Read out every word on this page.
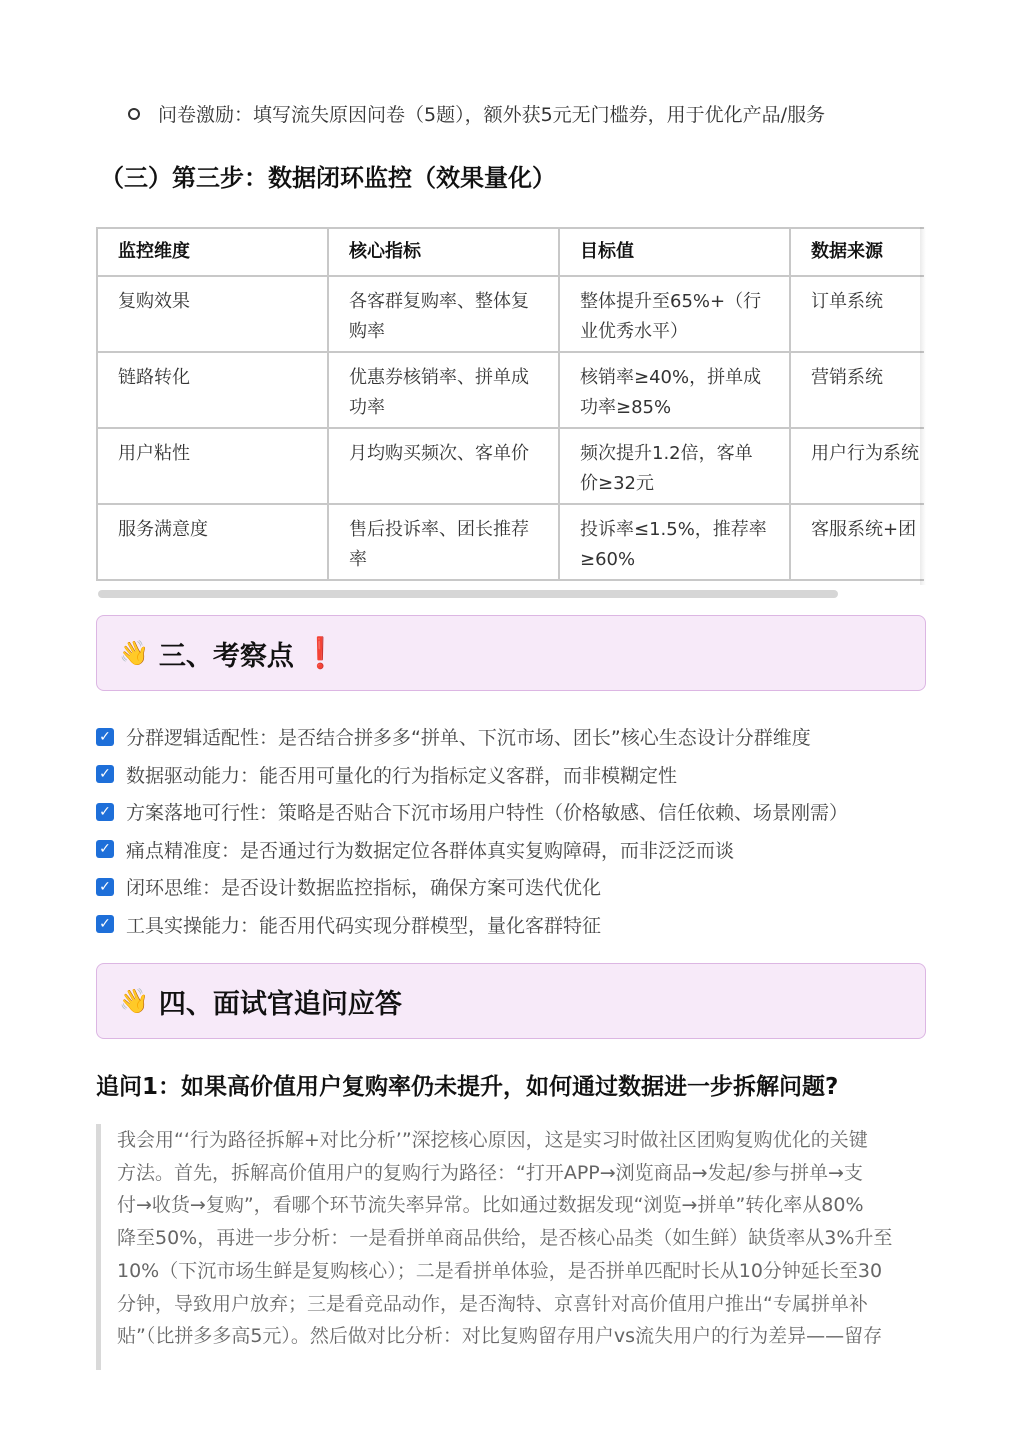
问卷激励：填写流失原因问卷（5题），额外获5元无门槛券，用于优化产品/服务
（三）第三步：数据闭环监控（效果量化）
监控维度	核心指标	目标值	数据来源
复购效果	各客群复购率、整体复购率	整体提升至65%+（行业优秀水平）	订单系统
链路转化	优惠券核销率、拼单成功率	核销率≥40%，拼单成功率≥85%	营销系统
用户粘性	月均购买频次、客单价	频次提升1.2倍，客单价≥32元	用户行为系统
服务满意度	售后投诉率、团长推荐率	投诉率≤1.5%，推荐率≥60%	客服系统+团
👋 三、考察点 ❗
✓ 分群逻辑适配性：是否结合拼多多“拼单、下沉市场、团长”核心生态设计分群维度
✓ 数据驱动能力：能否用可量化的行为指标定义客群，而非模糊定性
✓ 方案落地可行性：策略是否贴合下沉市场用户特性（价格敏感、信任依赖、场景刚需）
✓ 痛点精准度：是否通过行为数据定位各群体真实复购障碍，而非泛泛而谈
✓ 闭环思维：是否设计数据监控指标，确保方案可迭代优化
✓ 工具实操能力：能否用代码实现分群模型，量化客群特征
👋 四、面试官追问应答
追问1：如果高价值用户复购率仍未提升，如何通过数据进一步拆解问题?
我会用“‘行为路径拆解+对比分析’”深挖核心原因，这是实习时做社区团购复购优化的关键
方法。首先，拆解高价值用户的复购行为路径：“打开APP→浏览商品→发起/参与拼单→支
付→收货→复购”，看哪个环节流失率异常。比如通过数据发现“浏览→拼单”转化率从80%
降至50%，再进一步分析：一是看拼单商品供给，是否核心品类（如生鲜）缺货率从3%升至
10%（下沉市场生鲜是复购核心）；二是看拼单体验，是否拼单匹配时长从10分钟延长至30
分钟，导致用户放弃；三是看竞品动作，是否淘特、京喜针对高价值用户推出“专属拼单补
贴”（比拼多多高5元）。然后做对比分析：对比复购留存用户vs流失用户的行为差异——留存
